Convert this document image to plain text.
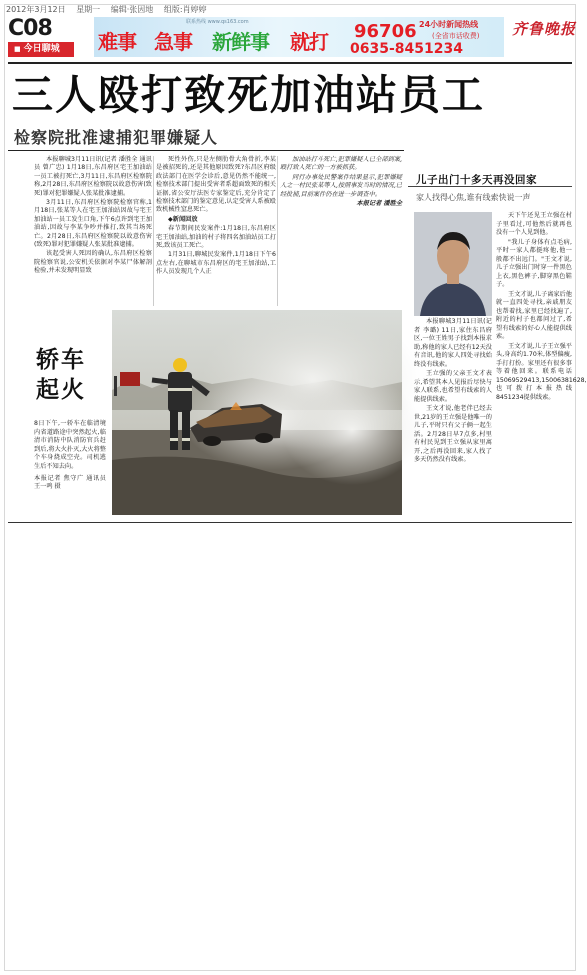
2012年3月12日 星期一 编辑·张因地 组版:肖婷婷
C08
■ 今日聊城
联系热线 www.qs163.com
难事 急事 新鲜事 就打 96706 24小时新闻热线
(全省市话收费)
0635-8451234
齐鲁晚报
三人殴打致死加油站员工
检察院批准逮捕犯罪嫌疑人

本报聊城3月11日讯(记者 潘胜全 通讯员 曾广忠) 1月18日,东昌府区宅王加油站一员工被打死亡,3月11日,东昌府区检察院称,2月28日,东昌府区检察院以故意伤害(致死)罪对犯罪嫌疑人张某批准逮捕。

3月11日,东昌府区检察院检察官称,1月18日,张某等人在宅王加油站因故与宅王加油站一员工发生口角,下午6点许到宅王加油站,因故与李某争吵并推打,致其当场死亡。2月28日,东昌府区检察院以故意伤害(致死)罪对犯罪嫌疑人张某批准逮捕。

该起受害人死因的确认,东昌府区检察院检察官说,公安机关依据对李某尸体解剖检验,并未发现明显致

死性外伤,只是左侧肋骨大角骨折,李某是被招死的,还是其他原因致死?东昌区府级政法部门在医学会诊后,意见仍然不能统一,检察技术部门提出受害者系超面致死的相关证据,省公安厅法医专家鉴定后,充分肯定了检察技术部门的鉴定意见,认定受害人系被殴致机械性窒息死亡。

◆新闻回放

春节期间民发案件:1月18日,东昌府区宅王加油站,加油的村子将四名加油站员工打死,致该员工死亡。

1月31日,聊城民发案件,1月18日下午6点左右,在聊城市东昌府区的宅王加油站,工作人员发现几个人正

加油站打斗死亡,犯罪嫌疑人已全部到案,殴打致人死亡的一方被抓获。

同行办事处民警案件结果显示,犯罪嫌疑人之一村民张某等人,按照事发当时的情况,已经批捕,目前案件仍在进一步调查中。

本报记者 潘胜全

轿车
起火

8日下午,一轿车在临清境内省道路途中突然起火,临清市消防中队消防官兵赶到后,将大火扑灭,大火将整个车身烧成空壳。司机逃生后不知去向。

本报记者 焦守广 通讯员 王一鸣 摄

儿子出门十多天再没回家
家人找得心焦,谁有线索快说一声

本报聊城3月11日讯(记者 李璐) 11日,家住东昌府区,一位王姓男子找到本报求助,称他的家人已经有12天没有音讯,他的家人四处寻找始终没有线索。

王立强的父亲王文才表示,希望其本人见报后尽快与家人联系,也希望有线索的人能提供线索。

王文才说,他老伴已经去世,21岁的王立强是他唯一的儿子,平时只有父子俩一起生活。2月28日早7点多,村里有村民见到王立强从家里离开,之后再没回来,家人找了多天仍然没有线索。

天下午还见王立强在村子里看过,可他然后就再也没有一个人见到他。

"我儿子身体有点毛病,平时一家人都挺疼他,他一般都不出远门。"王文才说,儿子立强出门时穿一件黑色上衣,黑色裤子,脚穿黑色鞋子。

王文才说,儿子离家后他就一直四处寻找,亲戚朋友也帮着找,家里已经找遍了,附近的村子也都问过了,希望有线索的好心人能提供线索。

王文才说,儿子王立强平头,身高约1.70米,体型偏瘦,手打打扮。家里还有很多事等着他回来。联系电话15069529413,15006381628,也可拨打本报热线8451234提供线索。
